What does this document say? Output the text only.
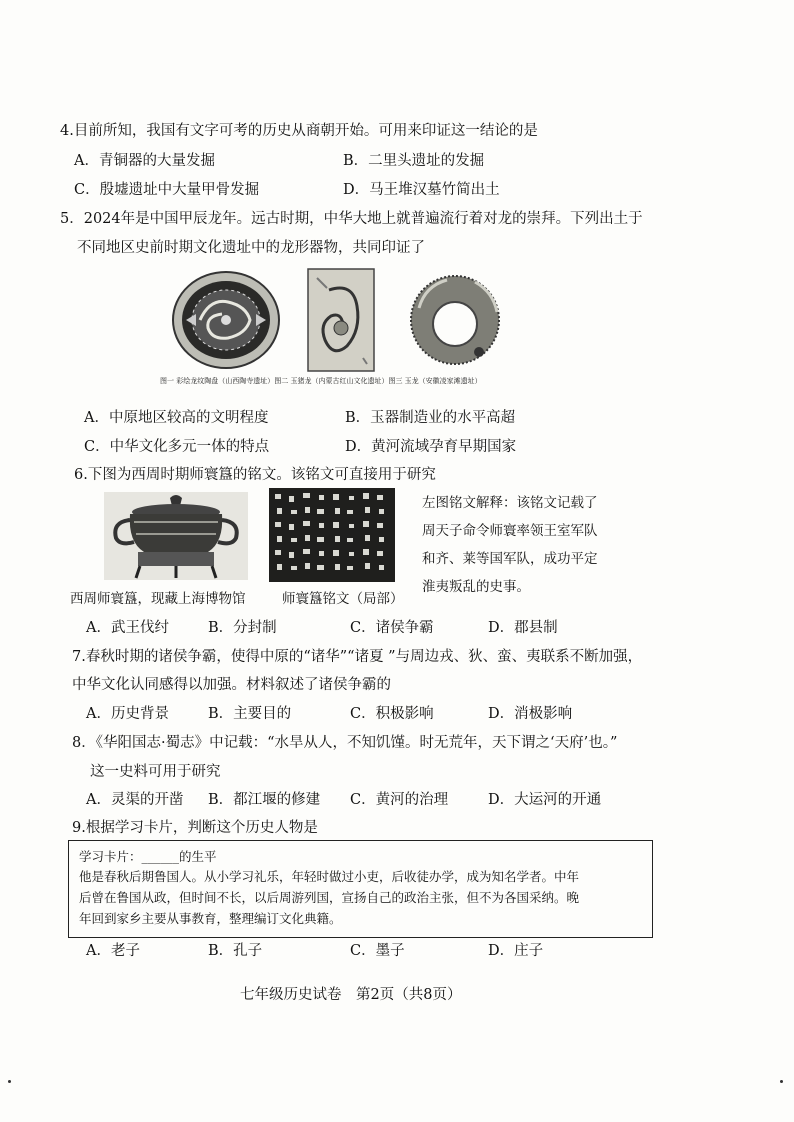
4.目前所知，我国有文字可考的历史从商朝开始。可用来印证这一结论的是
A．青铜器的大量发掘	B．二里头遗址的发掘
C．殷墟遗址中大量甲骨发掘	D．马王堆汉墓竹简出土
5．2024年是中国甲辰龙年。远古时期，中华大地上就普遍流行着对龙的崇拜。下列出土于
不同地区史前时期文化遗址中的龙形器物，共同印证了
图一 彩绘龙纹陶盘（山西陶寺遗址）图二 玉猪龙（内蒙古红山文化遗址）图三 玉龙（安徽凌家滩遗址）
A．中原地区较高的文明程度	B．玉器制造业的水平高超
C．中华文化多元一体的特点	D．黄河流域孕育早期国家
6.下图为西周时期师寰簋的铭文。该铭文可直接用于研究
西周师寰簋，现藏上海博物馆	师寰簋铭文（局部）
左图铭文解释：该铭文记载了
周天子命令师寰率领王室军队
和齐、莱等国军队，成功平定
淮夷叛乱的史事。
A．武王伐纣	B．分封制	C．诸侯争霸	D．郡县制
7.春秋时期的诸侯争霸，使得中原的“诸华”“诸夏 ”与周边戎、狄、蛮、夷联系不断加强，
中华文化认同感得以加强。材料叙述了诸侯争霸的
A．历史背景	B．主要目的	C．积极影响	D．消极影响
8．《华阳国志·蜀志》中记载：“水旱从人，不知饥馑。时无荒年，天下谓之‘天府’也。”
这一史料可用于研究
A．灵渠的开凿 B．都江堰的修建 C．黄河的治理	D．大运河的开通
9.根据学习卡片，判断这个历史人物是
学习卡片：______的生平
他是春秋后期鲁国人。从小学习礼乐，年轻时做过小吏，后收徒办学，成为知名学者。中年
后曾在鲁国从政，但时间不长，以后周游列国，宣扬自己的政治主张，但不为各国采纳。晚
年回到家乡主要从事教育，整理编订文化典籍。
A．老子	B．孔子	C．墨子	D．庄子
七年级历史试卷　第2页（共8页）
